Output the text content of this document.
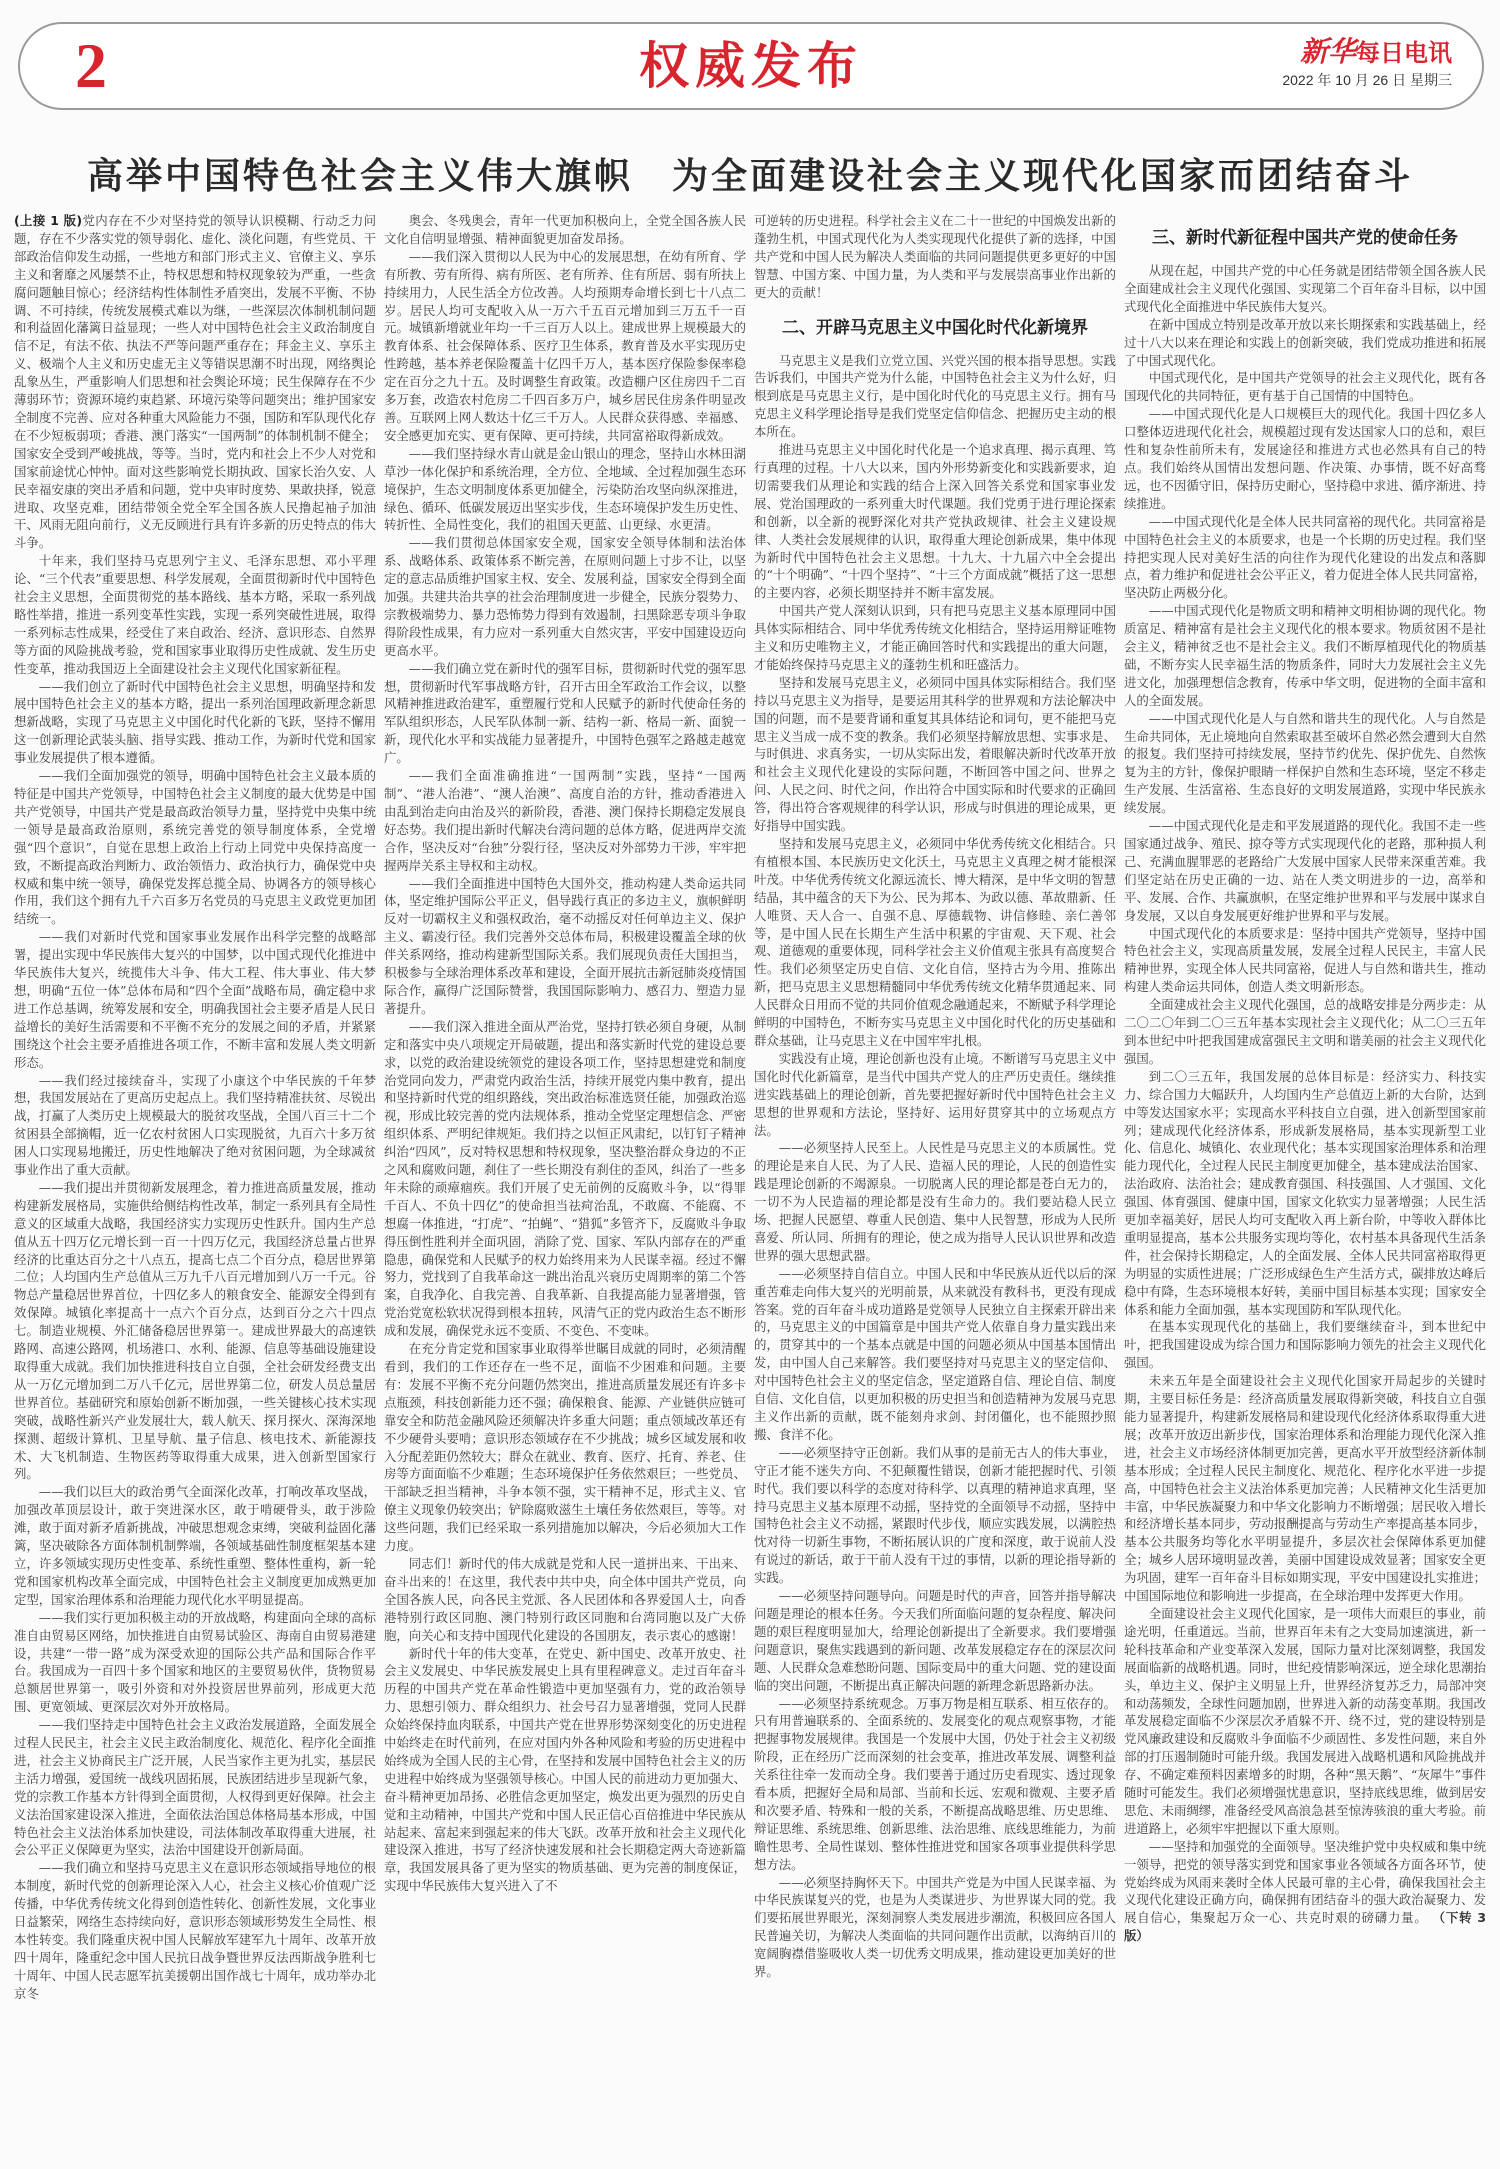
2	权威发布	新华每日电讯
2022 年 10 月 26 日 星期三
高举中国特色社会主义伟大旗帜　为全面建设社会主义现代化国家而团结奋斗

(上接 1 版)党内存在不少对坚持党的领导认识模糊、行动乏力问题，存在不少落实党的领导弱化、虚化、淡化问题，有些党员、干部政治信仰发生动摇，一些地方和部门形式主义、官僚主义、享乐主义和奢靡之风屡禁不止，特权思想和特权现象较为严重，一些贪腐问题触目惊心；经济结构性体制性矛盾突出，发展不平衡、不协调、不可持续，传统发展模式难以为继，一些深层次体制机制问题和利益固化藩篱日益显现；一些人对中国特色社会主义政治制度自信不足，有法不依、执法不严等问题严重存在；拜金主义、享乐主义、极端个人主义和历史虚无主义等错误思潮不时出现，网络舆论乱象丛生，严重影响人们思想和社会舆论环境；民生保障存在不少薄弱环节；资源环境约束趋紧、环境污染等问题突出；维护国家安全制度不完善、应对各种重大风险能力不强，国防和军队现代化存在不少短板弱项；香港、澳门落实“一国两制”的体制机制不健全；国家安全受到严峻挑战，等等。当时，党内和社会上不少人对党和国家前途忧心忡忡。面对这些影响党长期执政、国家长治久安、人民幸福安康的突出矛盾和问题，党中央审时度势、果敢抉择，锐意进取、攻坚克难，团结带领全党全军全国各族人民撸起袖子加油干、风雨无阻向前行，义无反顾进行具有许多新的历史特点的伟大斗争。

十年来，我们坚持马克思列宁主义、毛泽东思想、邓小平理论、“三个代表”重要思想、科学发展观，全面贯彻新时代中国特色社会主义思想，全面贯彻党的基本路线、基本方略，采取一系列战略性举措，推进一系列变革性实践，实现一系列突破性进展，取得一系列标志性成果，经受住了来自政治、经济、意识形态、自然界等方面的风险挑战考验，党和国家事业取得历史性成就、发生历史性变革，推动我国迈上全面建设社会主义现代化国家新征程。

——我们创立了新时代中国特色社会主义思想，明确坚持和发展中国特色社会主义的基本方略，提出一系列治国理政新理念新思想新战略，实现了马克思主义中国化时代化新的飞跃，坚持不懈用这一创新理论武装头脑、指导实践、推动工作，为新时代党和国家事业发展提供了根本遵循。

——我们全面加强党的领导，明确中国特色社会主义最本质的特征是中国共产党领导，中国特色社会主义制度的最大优势是中国共产党领导，中国共产党是最高政治领导力量，坚持党中央集中统一领导是最高政治原则，系统完善党的领导制度体系，全党增强“四个意识”，自觉在思想上政治上行动上同党中央保持高度一致，不断提高政治判断力、政治领悟力、政治执行力，确保党中央权威和集中统一领导，确保党发挥总揽全局、协调各方的领导核心作用，我们这个拥有九千六百多万名党员的马克思主义政党更加团结统一。

——我们对新时代党和国家事业发展作出科学完整的战略部署，提出实现中华民族伟大复兴的中国梦，以中国式现代化推进中华民族伟大复兴，统揽伟大斗争、伟大工程、伟大事业、伟大梦想，明确“五位一体”总体布局和“四个全面”战略布局，确定稳中求进工作总基调，统筹发展和安全，明确我国社会主要矛盾是人民日益增长的美好生活需要和不平衡不充分的发展之间的矛盾，并紧紧围绕这个社会主要矛盾推进各项工作，不断丰富和发展人类文明新形态。

——我们经过接续奋斗，实现了小康这个中华民族的千年梦想，我国发展站在了更高历史起点上。我们坚持精准扶贫、尽锐出战，打赢了人类历史上规模最大的脱贫攻坚战，全国八百三十二个贫困县全部摘帽，近一亿农村贫困人口实现脱贫，九百六十多万贫困人口实现易地搬迁，历史性地解决了绝对贫困问题，为全球减贫事业作出了重大贡献。

——我们提出并贯彻新发展理念，着力推进高质量发展，推动构建新发展格局，实施供给侧结构性改革，制定一系列具有全局性意义的区域重大战略，我国经济实力实现历史性跃升。国内生产总值从五十四万亿元增长到一百一十四万亿元，我国经济总量占世界经济的比重达百分之十八点五，提高七点二个百分点，稳居世界第二位；人均国内生产总值从三万九千八百元增加到八万一千元。谷物总产量稳居世界首位，十四亿多人的粮食安全、能源安全得到有效保障。城镇化率提高十一点六个百分点，达到百分之六十四点七。制造业规模、外汇储备稳居世界第一。建成世界最大的高速铁路网、高速公路网，机场港口、水利、能源、信息等基础设施建设取得重大成就。我们加快推进科技自立自强，全社会研发经费支出从一万亿元增加到二万八千亿元，居世界第二位，研发人员总量居世界首位。基础研究和原始创新不断加强，一些关键核心技术实现突破，战略性新兴产业发展壮大，载人航天、探月探火、深海深地探测、超级计算机、卫星导航、量子信息、核电技术、新能源技术、大飞机制造、生物医药等取得重大成果，进入创新型国家行列。

——我们以巨大的政治勇气全面深化改革，打响改革攻坚战，加强改革顶层设计，敢于突进深水区，敢于啃硬骨头，敢于涉险滩，敢于面对新矛盾新挑战，冲破思想观念束缚，突破利益固化藩篱，坚决破除各方面体制机制弊端，各领域基础性制度框架基本建立，许多领域实现历史性变革、系统性重塑、整体性重构，新一轮党和国家机构改革全面完成，中国特色社会主义制度更加成熟更加定型，国家治理体系和治理能力现代化水平明显提高。

——我们实行更加积极主动的开放战略，构建面向全球的高标准自由贸易区网络，加快推进自由贸易试验区、海南自由贸易港建设，共建“一带一路”成为深受欢迎的国际公共产品和国际合作平台。我国成为一百四十多个国家和地区的主要贸易伙伴，货物贸易总额居世界第一，吸引外资和对外投资居世界前列，形成更大范围、更宽领域、更深层次对外开放格局。

——我们坚持走中国特色社会主义政治发展道路，全面发展全过程人民民主，社会主义民主政治制度化、规范化、程序化全面推进，社会主义协商民主广泛开展，人民当家作主更为扎实，基层民主活力增强，爱国统一战线巩固拓展，民族团结进步呈现新气象，党的宗教工作基本方针得到全面贯彻，人权得到更好保障。社会主义法治国家建设深入推进，全面依法治国总体格局基本形成，中国特色社会主义法治体系加快建设，司法体制改革取得重大进展，社会公平正义保障更为坚实，法治中国建设开创新局面。

——我们确立和坚持马克思主义在意识形态领域指导地位的根本制度，新时代党的创新理论深入人心，社会主义核心价值观广泛传播，中华优秀传统文化得到创造性转化、创新性发展，文化事业日益繁荣，网络生态持续向好，意识形态领域形势发生全局性、根本性转变。我们隆重庆祝中国人民解放军建军九十周年、改革开放四十周年，隆重纪念中国人民抗日战争暨世界反法西斯战争胜利七十周年、中国人民志愿军抗美援朝出国作战七十周年，成功举办北京冬

奥会、冬残奥会，青年一代更加积极向上，全党全国各族人民文化自信明显增强、精神面貌更加奋发昂扬。

——我们深入贯彻以人民为中心的发展思想，在幼有所育、学有所教、劳有所得、病有所医、老有所养、住有所居、弱有所扶上持续用力，人民生活全方位改善。人均预期寿命增长到七十八点二岁。居民人均可支配收入从一万六千五百元增加到三万五千一百元。城镇新增就业年均一千三百万人以上。建成世界上规模最大的教育体系、社会保障体系、医疗卫生体系，教育普及水平实现历史性跨越，基本养老保险覆盖十亿四千万人，基本医疗保险参保率稳定在百分之九十五。及时调整生育政策。改造棚户区住房四千二百多万套，改造农村危房二千四百多万户，城乡居民住房条件明显改善。互联网上网人数达十亿三千万人。人民群众获得感、幸福感、安全感更加充实、更有保障、更可持续，共同富裕取得新成效。

——我们坚持绿水青山就是金山银山的理念，坚持山水林田湖草沙一体化保护和系统治理，全方位、全地域、全过程加强生态环境保护，生态文明制度体系更加健全，污染防治攻坚向纵深推进，绿色、循环、低碳发展迈出坚实步伐，生态环境保护发生历史性、转折性、全局性变化，我们的祖国天更蓝、山更绿、水更清。

——我们贯彻总体国家安全观，国家安全领导体制和法治体系、战略体系、政策体系不断完善，在原则问题上寸步不让，以坚定的意志品质维护国家主权、安全、发展利益，国家安全得到全面加强。共建共治共享的社会治理制度进一步健全，民族分裂势力、宗教极端势力、暴力恐怖势力得到有效遏制，扫黑除恶专项斗争取得阶段性成果，有力应对一系列重大自然灾害，平安中国建设迈向更高水平。

——我们确立党在新时代的强军目标，贯彻新时代党的强军思想，贯彻新时代军事战略方针，召开古田全军政治工作会议，以整风精神推进政治建军，重塑履行党和人民赋予的新时代使命任务的军队组织形态，人民军队体制一新、结构一新、格局一新、面貌一新，现代化水平和实战能力显著提升，中国特色强军之路越走越宽广。

——我们全面准确推进“一国两制”实践，坚持“一国两制”、“港人治港”、“澳人治澳”、高度自治的方针，推动香港进入由乱到治走向由治及兴的新阶段，香港、澳门保持长期稳定发展良好态势。我们提出新时代解决台湾问题的总体方略，促进两岸交流合作，坚决反对“台独”分裂行径，坚决反对外部势力干涉，牢牢把握两岸关系主导权和主动权。

——我们全面推进中国特色大国外交，推动构建人类命运共同体，坚定维护国际公平正义，倡导践行真正的多边主义，旗帜鲜明反对一切霸权主义和强权政治，毫不动摇反对任何单边主义、保护主义、霸凌行径。我们完善外交总体布局，积极建设覆盖全球的伙伴关系网络，推动构建新型国际关系。我们展现负责任大国担当，积极参与全球治理体系改革和建设，全面开展抗击新冠肺炎疫情国际合作，赢得广泛国际赞誉，我国国际影响力、感召力、塑造力显著提升。

——我们深入推进全面从严治党，坚持打铁必须自身硬，从制定和落实中央八项规定开局破题，提出和落实新时代党的建设总要求，以党的政治建设统领党的建设各项工作，坚持思想建党和制度治党同向发力，严肃党内政治生活，持续开展党内集中教育，提出和坚持新时代党的组织路线，突出政治标准选贤任能，加强政治巡视，形成比较完善的党内法规体系，推动全党坚定理想信念、严密组织体系、严明纪律规矩。我们持之以恒正风肃纪，以钉钉子精神纠治“四风”，反对特权思想和特权现象，坚决整治群众身边的不正之风和腐败问题，刹住了一些长期没有刹住的歪风，纠治了一些多年未除的顽瘴痼疾。我们开展了史无前例的反腐败斗争，以“得罪千百人、不负十四亿”的使命担当祛疴治乱，不敢腐、不能腐、不想腐一体推进，“打虎”、“拍蝇”、“猎狐”多管齐下，反腐败斗争取得压倒性胜利并全面巩固，消除了党、国家、军队内部存在的严重隐患，确保党和人民赋予的权力始终用来为人民谋幸福。经过不懈努力，党找到了自我革命这一跳出治乱兴衰历史周期率的第二个答案，自我净化、自我完善、自我革新、自我提高能力显著增强，管党治党宽松软状况得到根本扭转，风清气正的党内政治生态不断形成和发展，确保党永远不变质、不变色、不变味。

在充分肯定党和国家事业取得举世瞩目成就的同时，必须清醒看到，我们的工作还存在一些不足，面临不少困难和问题。主要有：发展不平衡不充分问题仍然突出，推进高质量发展还有许多卡点瓶颈，科技创新能力还不强；确保粮食、能源、产业链供应链可靠安全和防范金融风险还须解决许多重大问题；重点领域改革还有不少硬骨头要啃；意识形态领域存在不少挑战；城乡区域发展和收入分配差距仍然较大；群众在就业、教育、医疗、托育、养老、住房等方面面临不少难题；生态环境保护任务依然艰巨；一些党员、干部缺乏担当精神，斗争本领不强，实干精神不足，形式主义、官僚主义现象仍较突出；铲除腐败滋生土壤任务依然艰巨，等等。对这些问题，我们已经采取一系列措施加以解决，今后必须加大工作力度。

同志们！新时代的伟大成就是党和人民一道拼出来、干出来、奋斗出来的！在这里，我代表中共中央，向全体中国共产党员，向全国各族人民，向各民主党派、各人民团体和各界爱国人士，向香港特别行政区同胞、澳门特别行政区同胞和台湾同胞以及广大侨胞，向关心和支持中国现代化建设的各国朋友，表示衷心的感谢！

新时代十年的伟大变革，在党史、新中国史、改革开放史、社会主义发展史、中华民族发展史上具有里程碑意义。走过百年奋斗历程的中国共产党在革命性锻造中更加坚强有力，党的政治领导力、思想引领力、群众组织力、社会号召力显著增强，党同人民群众始终保持血肉联系，中国共产党在世界形势深刻变化的历史进程中始终走在时代前列，在应对国内外各种风险和考验的历史进程中始终成为全国人民的主心骨，在坚持和发展中国特色社会主义的历史进程中始终成为坚强领导核心。中国人民的前进动力更加强大、奋斗精神更加昂扬、必胜信念更加坚定，焕发出更为强烈的历史自觉和主动精神，中国共产党和中国人民正信心百倍推进中华民族从站起来、富起来到强起来的伟大飞跃。改革开放和社会主义现代化建设深入推进，书写了经济快速发展和社会长期稳定两大奇迹新篇章，我国发展具备了更为坚实的物质基础、更为完善的制度保证，实现中华民族伟大复兴进入了不

可逆转的历史进程。科学社会主义在二十一世纪的中国焕发出新的蓬勃生机，中国式现代化为人类实现现代化提供了新的选择，中国共产党和中国人民为解决人类面临的共同问题提供更多更好的中国智慧、中国方案、中国力量，为人类和平与发展崇高事业作出新的更大的贡献！

二、开辟马克思主义中国化时代化新境界

马克思主义是我们立党立国、兴党兴国的根本指导思想。实践告诉我们，中国共产党为什么能，中国特色社会主义为什么好，归根到底是马克思主义行，是中国化时代化的马克思主义行。拥有马克思主义科学理论指导是我们党坚定信仰信念、把握历史主动的根本所在。

推进马克思主义中国化时代化是一个追求真理、揭示真理、笃行真理的过程。十八大以来，国内外形势新变化和实践新要求，迫切需要我们从理论和实践的结合上深入回答关系党和国家事业发展、党治国理政的一系列重大时代课题。我们党勇于进行理论探索和创新，以全新的视野深化对共产党执政规律、社会主义建设规律、人类社会发展规律的认识，取得重大理论创新成果，集中体现为新时代中国特色社会主义思想。十九大、十九届六中全会提出的“十个明确”、“十四个坚持”、“十三个方面成就”概括了这一思想的主要内容，必须长期坚持并不断丰富发展。

中国共产党人深刻认识到，只有把马克思主义基本原理同中国具体实际相结合、同中华优秀传统文化相结合，坚持运用辩证唯物主义和历史唯物主义，才能正确回答时代和实践提出的重大问题，才能始终保持马克思主义的蓬勃生机和旺盛活力。

坚持和发展马克思主义，必须同中国具体实际相结合。我们坚持以马克思主义为指导，是要运用其科学的世界观和方法论解决中国的问题，而不是要背诵和重复其具体结论和词句，更不能把马克思主义当成一成不变的教条。我们必须坚持解放思想、实事求是、与时俱进、求真务实，一切从实际出发，着眼解决新时代改革开放和社会主义现代化建设的实际问题，不断回答中国之问、世界之问、人民之问、时代之问，作出符合中国实际和时代要求的正确回答，得出符合客观规律的科学认识，形成与时俱进的理论成果，更好指导中国实践。

坚持和发展马克思主义，必须同中华优秀传统文化相结合。只有植根本国、本民族历史文化沃土，马克思主义真理之树才能根深叶茂。中华优秀传统文化源远流长、博大精深，是中华文明的智慧结晶，其中蕴含的天下为公、民为邦本、为政以德、革故鼎新、任人唯贤、天人合一、自强不息、厚德载物、讲信修睦、亲仁善邻等，是中国人民在长期生产生活中积累的宇宙观、天下观、社会观、道德观的重要体现，同科学社会主义价值观主张具有高度契合性。我们必须坚定历史自信、文化自信，坚持古为今用、推陈出新，把马克思主义思想精髓同中华优秀传统文化精华贯通起来、同人民群众日用而不觉的共同价值观念融通起来，不断赋予科学理论鲜明的中国特色，不断夯实马克思主义中国化时代化的历史基础和群众基础，让马克思主义在中国牢牢扎根。

实践没有止境，理论创新也没有止境。不断谱写马克思主义中国化时代化新篇章，是当代中国共产党人的庄严历史责任。继续推进实践基础上的理论创新，首先要把握好新时代中国特色社会主义思想的世界观和方法论，坚持好、运用好贯穿其中的立场观点方法。

——必须坚持人民至上。人民性是马克思主义的本质属性。党的理论是来自人民、为了人民、造福人民的理论，人民的创造性实践是理论创新的不竭源泉。一切脱离人民的理论都是苍白无力的，一切不为人民造福的理论都是没有生命力的。我们要站稳人民立场、把握人民愿望、尊重人民创造、集中人民智慧，形成为人民所喜爱、所认同、所拥有的理论，使之成为指导人民认识世界和改造世界的强大思想武器。

——必须坚持自信自立。中国人民和中华民族从近代以后的深重苦难走向伟大复兴的光明前景，从来就没有教科书，更没有现成答案。党的百年奋斗成功道路是党领导人民独立自主探索开辟出来的，马克思主义的中国篇章是中国共产党人依靠自身力量实践出来的，贯穿其中的一个基本点就是中国的问题必须从中国基本国情出发，由中国人自己来解答。我们要坚持对马克思主义的坚定信仰、对中国特色社会主义的坚定信念，坚定道路自信、理论自信、制度自信、文化自信，以更加积极的历史担当和创造精神为发展马克思主义作出新的贡献，既不能刻舟求剑、封闭僵化，也不能照抄照搬、食洋不化。

——必须坚持守正创新。我们从事的是前无古人的伟大事业，守正才能不迷失方向、不犯颠覆性错误，创新才能把握时代、引领时代。我们要以科学的态度对待科学、以真理的精神追求真理，坚持马克思主义基本原理不动摇，坚持党的全面领导不动摇，坚持中国特色社会主义不动摇，紧跟时代步伐，顺应实践发展，以满腔热忱对待一切新生事物，不断拓展认识的广度和深度，敢于说前人没有说过的新话，敢于干前人没有干过的事情，以新的理论指导新的实践。

——必须坚持问题导向。问题是时代的声音，回答并指导解决问题是理论的根本任务。今天我们所面临问题的复杂程度、解决问题的艰巨程度明显加大，给理论创新提出了全新要求。我们要增强问题意识，聚焦实践遇到的新问题、改革发展稳定存在的深层次问题、人民群众急难愁盼问题、国际变局中的重大问题、党的建设面临的突出问题，不断提出真正解决问题的新理念新思路新办法。

——必须坚持系统观念。万事万物是相互联系、相互依存的。只有用普遍联系的、全面系统的、发展变化的观点观察事物，才能把握事物发展规律。我国是一个发展中大国，仍处于社会主义初级阶段，正在经历广泛而深刻的社会变革，推进改革发展、调整利益关系往往牵一发而动全身。我们要善于通过历史看现实、透过现象看本质，把握好全局和局部、当前和长远、宏观和微观、主要矛盾和次要矛盾、特殊和一般的关系，不断提高战略思维、历史思维、辩证思维、系统思维、创新思维、法治思维、底线思维能力，为前瞻性思考、全局性谋划、整体性推进党和国家各项事业提供科学思想方法。

——必须坚持胸怀天下。中国共产党是为中国人民谋幸福、为中华民族谋复兴的党，也是为人类谋进步、为世界谋大同的党。我们要拓展世界眼光，深刻洞察人类发展进步潮流，积极回应各国人民普遍关切，为解决人类面临的共同问题作出贡献，以海纳百川的宽阔胸襟借鉴吸收人类一切优秀文明成果，推动建设更加美好的世界。

三、新时代新征程中国共产党的使命任务

从现在起，中国共产党的中心任务就是团结带领全国各族人民全面建成社会主义现代化强国、实现第二个百年奋斗目标，以中国式现代化全面推进中华民族伟大复兴。

在新中国成立特别是改革开放以来长期探索和实践基础上，经过十八大以来在理论和实践上的创新突破，我们党成功推进和拓展了中国式现代化。

中国式现代化，是中国共产党领导的社会主义现代化，既有各国现代化的共同特征，更有基于自己国情的中国特色。

——中国式现代化是人口规模巨大的现代化。我国十四亿多人口整体迈进现代化社会，规模超过现有发达国家人口的总和，艰巨性和复杂性前所未有，发展途径和推进方式也必然具有自己的特点。我们始终从国情出发想问题、作决策、办事情，既不好高骛远，也不因循守旧，保持历史耐心，坚持稳中求进、循序渐进、持续推进。

——中国式现代化是全体人民共同富裕的现代化。共同富裕是中国特色社会主义的本质要求，也是一个长期的历史过程。我们坚持把实现人民对美好生活的向往作为现代化建设的出发点和落脚点，着力维护和促进社会公平正义，着力促进全体人民共同富裕，坚决防止两极分化。

——中国式现代化是物质文明和精神文明相协调的现代化。物质富足、精神富有是社会主义现代化的根本要求。物质贫困不是社会主义，精神贫乏也不是社会主义。我们不断厚植现代化的物质基础，不断夯实人民幸福生活的物质条件，同时大力发展社会主义先进文化，加强理想信念教育，传承中华文明，促进物的全面丰富和人的全面发展。

——中国式现代化是人与自然和谐共生的现代化。人与自然是生命共同体，无止境地向自然索取甚至破坏自然必然会遭到大自然的报复。我们坚持可持续发展，坚持节约优先、保护优先、自然恢复为主的方针，像保护眼睛一样保护自然和生态环境，坚定不移走生产发展、生活富裕、生态良好的文明发展道路，实现中华民族永续发展。

——中国式现代化是走和平发展道路的现代化。我国不走一些国家通过战争、殖民、掠夺等方式实现现代化的老路，那种损人利己、充满血腥罪恶的老路给广大发展中国家人民带来深重苦难。我们坚定站在历史正确的一边、站在人类文明进步的一边，高举和平、发展、合作、共赢旗帜，在坚定维护世界和平与发展中谋求自身发展，又以自身发展更好维护世界和平与发展。

中国式现代化的本质要求是：坚持中国共产党领导，坚持中国特色社会主义，实现高质量发展，发展全过程人民民主，丰富人民精神世界，实现全体人民共同富裕，促进人与自然和谐共生，推动构建人类命运共同体，创造人类文明新形态。

全面建成社会主义现代化强国，总的战略安排是分两步走：从二〇二〇年到二〇三五年基本实现社会主义现代化；从二〇三五年到本世纪中叶把我国建成富强民主文明和谐美丽的社会主义现代化强国。

到二〇三五年，我国发展的总体目标是：经济实力、科技实力、综合国力大幅跃升，人均国内生产总值迈上新的大台阶，达到中等发达国家水平；实现高水平科技自立自强，进入创新型国家前列；建成现代化经济体系，形成新发展格局，基本实现新型工业化、信息化、城镇化、农业现代化；基本实现国家治理体系和治理能力现代化，全过程人民民主制度更加健全，基本建成法治国家、法治政府、法治社会；建成教育强国、科技强国、人才强国、文化强国、体育强国、健康中国，国家文化软实力显著增强；人民生活更加幸福美好，居民人均可支配收入再上新台阶，中等收入群体比重明显提高，基本公共服务实现均等化，农村基本具备现代生活条件，社会保持长期稳定，人的全面发展、全体人民共同富裕取得更为明显的实质性进展；广泛形成绿色生产生活方式，碳排放达峰后稳中有降，生态环境根本好转，美丽中国目标基本实现；国家安全体系和能力全面加强，基本实现国防和军队现代化。

在基本实现现代化的基础上，我们要继续奋斗，到本世纪中叶，把我国建设成为综合国力和国际影响力领先的社会主义现代化强国。

未来五年是全面建设社会主义现代化国家开局起步的关键时期，主要目标任务是：经济高质量发展取得新突破，科技自立自强能力显著提升，构建新发展格局和建设现代化经济体系取得重大进展；改革开放迈出新步伐，国家治理体系和治理能力现代化深入推进，社会主义市场经济体制更加完善，更高水平开放型经济新体制基本形成；全过程人民民主制度化、规范化、程序化水平进一步提高，中国特色社会主义法治体系更加完善；人民精神文化生活更加丰富，中华民族凝聚力和中华文化影响力不断增强；居民收入增长和经济增长基本同步，劳动报酬提高与劳动生产率提高基本同步，基本公共服务均等化水平明显提升，多层次社会保障体系更加健全；城乡人居环境明显改善，美丽中国建设成效显著；国家安全更为巩固，建军一百年奋斗目标如期实现，平安中国建设扎实推进；中国国际地位和影响进一步提高，在全球治理中发挥更大作用。

全面建设社会主义现代化国家，是一项伟大而艰巨的事业，前途光明，任重道远。当前，世界百年未有之大变局加速演进，新一轮科技革命和产业变革深入发展，国际力量对比深刻调整，我国发展面临新的战略机遇。同时，世纪疫情影响深远，逆全球化思潮抬头，单边主义、保护主义明显上升，世界经济复苏乏力，局部冲突和动荡频发，全球性问题加剧，世界进入新的动荡变革期。我国改革发展稳定面临不少深层次矛盾躲不开、绕不过，党的建设特别是党风廉政建设和反腐败斗争面临不少顽固性、多发性问题，来自外部的打压遏制随时可能升级。我国发展进入战略机遇和风险挑战并存、不确定难预料因素增多的时期，各种“黑天鹅”、“灰犀牛”事件随时可能发生。我们必须增强忧患意识，坚持底线思维，做到居安思危、未雨绸缪，准备经受风高浪急甚至惊涛骇浪的重大考验。前进道路上，必须牢牢把握以下重大原则。

——坚持和加强党的全面领导。坚决维护党中央权威和集中统一领导，把党的领导落实到党和国家事业各领域各方面各环节，使党始终成为风雨来袭时全体人民最可靠的主心骨，确保我国社会主义现代化建设正确方向，确保拥有团结奋斗的强大政治凝聚力、发展自信心，集聚起万众一心、共克时艰的磅礴力量。 （下转 3 版）
